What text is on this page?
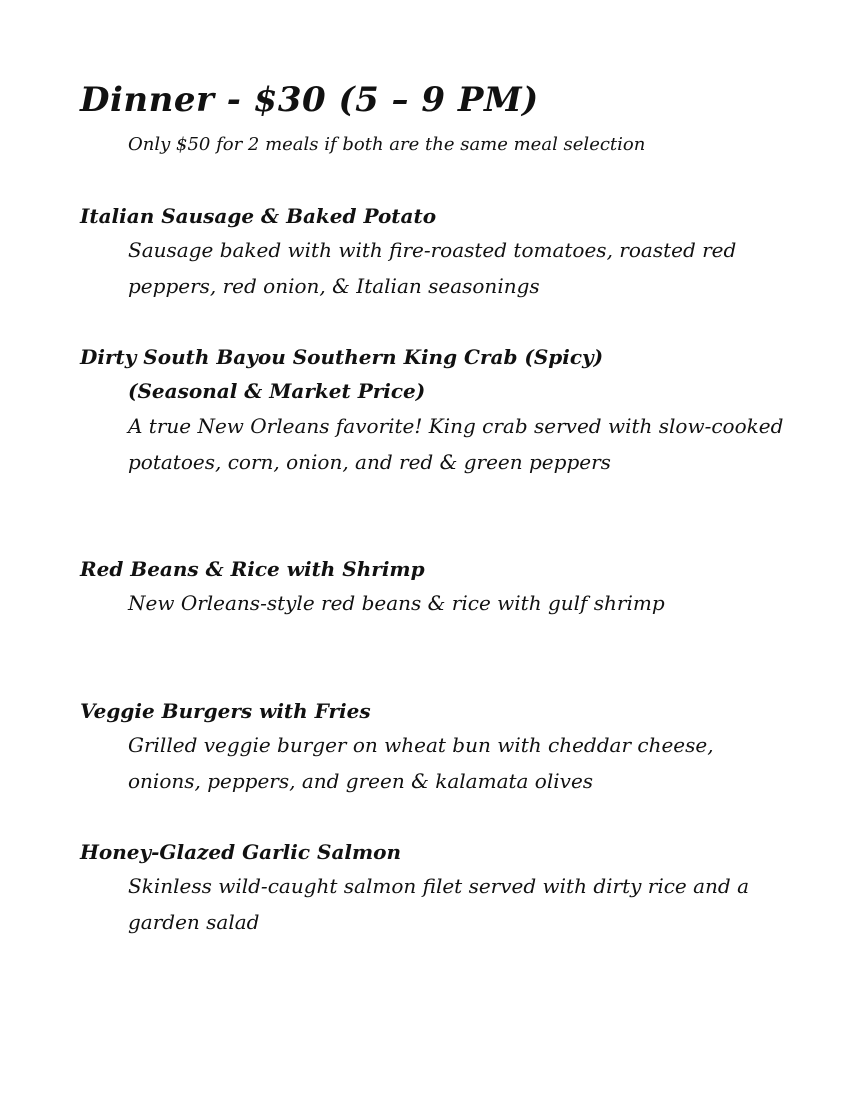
Dinner - $30 (5 – 9 PM)
Only $50 for 2 meals if both are the same meal selection
Italian Sausage & Baked Potato
Sausage baked with with fire-roasted tomatoes, roasted red peppers, red onion, & Italian seasonings
Dirty South Bayou Southern King Crab (Spicy)
(Seasonal & Market Price)
A true New Orleans favorite! King crab served with slow-cooked potatoes, corn, onion, and red & green peppers
Red Beans & Rice with Shrimp
New Orleans-style red beans & rice with gulf shrimp
Veggie Burgers with Fries
Grilled veggie burger on wheat bun with cheddar cheese, onions, peppers, and green & kalamata olives
Honey-Glazed Garlic Salmon
Skinless wild-caught salmon filet served with dirty rice and a garden salad
